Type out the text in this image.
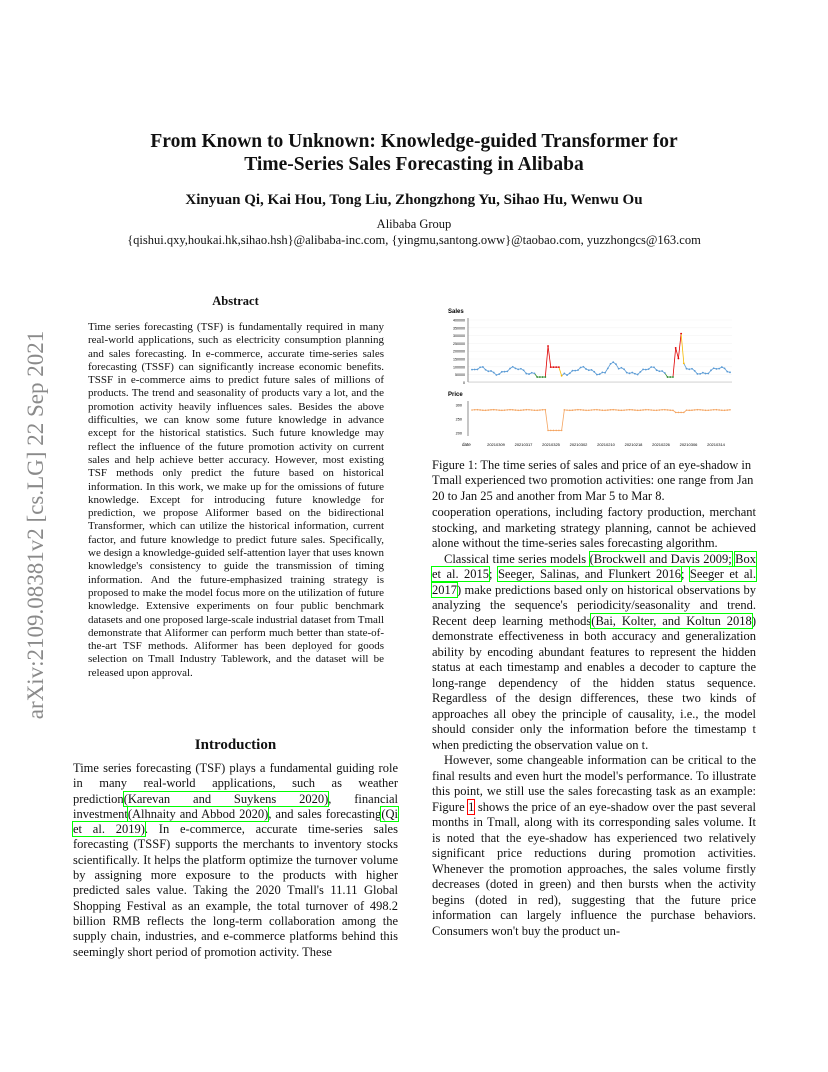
From Known to Unknown: Knowledge-guided Transformer for
Time-Series Sales Forecasting in Alibaba
Xinyuan Qi, Kai Hou, Tong Liu, Zhongzhong Yu, Sihao Hu, Wenwu Ou
Alibaba Group
{qishui.qxy,houkai.hk,sihao.hsh}@alibaba-inc.com, {yingmu,santong.oww}@taobao.com, yuzzhongcs@163.com
arXiv:2109.08381v2 [cs.LG] 22 Sep 2021
Abstract
Time series forecasting (TSF) is fundamentally required in many real-world applications, such as electricity consumption planning and sales forecasting. In e-commerce, accurate time-series sales forecasting (TSSF) can significantly increase economic benefits. TSSF in e-commerce aims to predict future sales of millions of products. The trend and seasonality of products vary a lot, and the promotion activity heavily influences sales. Besides the above difficulties, we can know some future knowledge in advance except for the historical statistics. Such future knowledge may reflect the influence of the future promotion activity on current sales and help achieve better accuracy. However, most existing TSF methods only predict the future based on historical information. In this work, we make up for the omissions of future knowledge. Except for introducing future knowledge for prediction, we propose Aliformer based on the bidirectional Transformer, which can utilize the historical information, current factor, and future knowledge to predict future sales. Specifically, we design a knowledge-guided self-attention layer that uses known knowledge's consistency to guide the transmission of timing information. And the future-emphasized training strategy is proposed to make the model focus more on the utilization of future knowledge. Extensive experiments on four public benchmark datasets and one proposed large-scale industrial dataset from Tmall demonstrate that Aliformer can perform much better than state-of-the-art TSF methods. Aliformer has been deployed for goods selection on Tmall Industry Tablework, and the dataset will be released upon approval.
Introduction
Time series forecasting (TSF) plays a fundamental guiding role in many real-world applications, such as weather prediction(Karevan and Suykens 2020), financial investment(Alhnaity and Abbod 2020), and sales forecasting(Qi et al. 2019). In e-commerce, accurate time-series sales forecasting (TSSF) supports the merchants to inventory stocks scientifically. It helps the platform optimize the turnover volume by assigning more exposure to the products with higher predicted sales value. Taking the 2020 Tmall's 11.11 Global Shopping Festival as an example, the total turnover of 498.2 billion RMB reflects the long-term collaboration among the supply chain, industries, and e-commerce platforms behind this seemingly short period of promotion activity. These
Sales
400000
350000
300000
250000
200000
150000
100000
50000
0
Price
300
250
200
date	20210309 20210317 20210325 20210302 20210210 20210218 20210226 20210306 20210314
Figure 1: The time series of sales and price of an eye-shadow in Tmall experienced two promotion activities: one range from Jan 20 to Jan 25 and another from Mar 5 to Mar 8.

cooperation operations, including factory production, merchant stocking, and marketing strategy planning, cannot be achieved alone without the time-series sales forecasting algorithm.

Classical time series models (Brockwell and Davis 2009; Box et al. 2015; Seeger, Salinas, and Flunkert 2016; Seeger et al. 2017) make predictions based only on historical observations by analyzing the sequence's periodicity/seasonality and trend. Recent deep learning methods(Bai, Kolter, and Koltun 2018) demonstrate effectiveness in both accuracy and generalization ability by encoding abundant features to represent the hidden status at each timestamp and enables a decoder to capture the long-range dependency of the hidden status sequence. Regardless of the design differences, these two kinds of approaches all obey the principle of causality, i.e., the model should consider only the information before the timestamp t when predicting the observation value on t.

However, some changeable information can be critical to the final results and even hurt the model's performance. To illustrate this point, we still use the sales forecasting task as an example: Figure 1 shows the price of an eye-shadow over the past several months in Tmall, along with its corresponding sales volume. It is noted that the eye-shadow has experienced two relatively significant price reductions during promotion activities. Whenever the promotion approaches, the sales volume firstly decreases (doted in green) and then bursts when the activity begins (doted in red), suggesting that the future price information can largely influence the purchase behaviors. Consumers won't buy the product un-
